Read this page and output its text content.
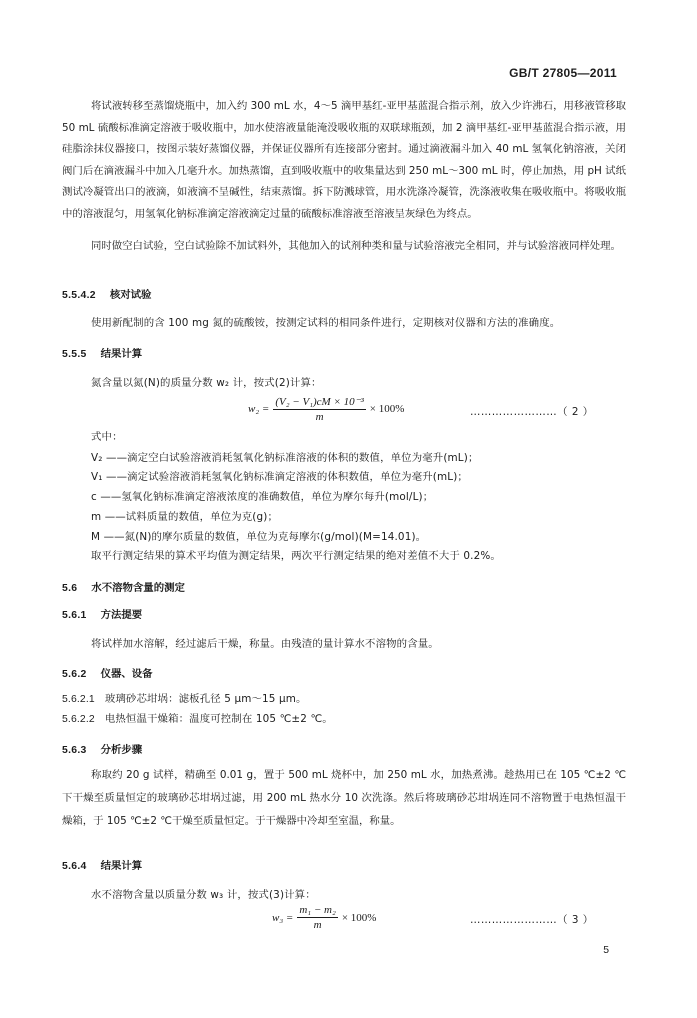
GB/T 27805—2011

将试液转移至蒸馏烧瓶中，加入约 300 mL 水，4～5 滴甲基红-亚甲基蓝混合指示剂，放入少许沸石，用移液管移取 50 mL 硫酸标准滴定溶液于吸收瓶中，加水使溶液量能淹没吸收瓶的双联球瓶颈，加 2 滴甲基红-亚甲基蓝混合指示液，用硅脂涂抹仪器接口，按图示装好蒸馏仪器，并保证仪器所有连接部分密封。通过滴液漏斗加入 40 mL 氢氧化钠溶液，关闭阀门后在滴液漏斗中加入几毫升水。加热蒸馏，直到吸收瓶中的收集量达到 250 mL～300 mL 时，停止加热，用 pH 试纸测试冷凝管出口的液滴，如液滴不呈碱性，结束蒸馏。拆下防溅球管，用水洗涤冷凝管，洗涤液收集在吸收瓶中。将吸收瓶中的溶液混匀，用氢氧化钠标准滴定溶液滴定过量的硫酸标准溶液至溶液呈灰绿色为终点。

同时做空白试验，空白试验除不加试料外，其他加入的试剂种类和量与试验溶液完全相同，并与试验溶液同样处理。

5.5.4.2 核对试验
使用新配制的含 100 mg 氮的硫酸铵，按测定试料的相同条件进行，定期核对仪器和方法的准确度。
5.5.5 结果计算
氮含量以氮(N)的质量分数 w₂ 计，按式(2)计算：
$w_2 = \frac{\text{(V₂ − V₁)cM × 10⁻³}}{m} \times 100\%$	……………………（ 2 ）
式中：
V₂ ——滴定空白试验溶液消耗氢氧化钠标准溶液的体积的数值，单位为毫升(mL)；
V₁ ——滴定试验溶液消耗氢氧化钠标准滴定溶液的体积数值，单位为毫升(mL)；
c ——氢氧化钠标准滴定溶液浓度的准确数值，单位为摩尔每升(mol/L)；
m ——试料质量的数值，单位为克(g)；
M ——氮(N)的摩尔质量的数值，单位为克每摩尔(g/mol)(M=14.01)。
取平行测定结果的算术平均值为测定结果，两次平行测定结果的绝对差值不大于 0.2%。
5.6 水不溶物含量的测定
5.6.1 方法提要
将试样加水溶解，经过滤后干燥，称量。由残渣的量计算水不溶物的含量。
5.6.2 仪器、设备
5.6.2.1 玻璃砂芯坩埚：滤板孔径 5 μm～15 μm。
5.6.2.2 电热恒温干燥箱：温度可控制在 105 ℃±2 ℃。
5.6.3 分析步骤

称取约 20 g 试样，精确至 0.01 g，置于 500 mL 烧杯中，加 250 mL 水，加热煮沸。趁热用已在 105 ℃±2 ℃下干燥至质量恒定的玻璃砂芯坩埚过滤，用 200 mL 热水分 10 次洗涤。然后将玻璃砂芯坩埚连同不溶物置于电热恒温干燥箱，于 105 ℃±2 ℃干燥至质量恒定。于干燥器中冷却至室温，称量。

5.6.4 结果计算
水不溶物含量以质量分数 w₃ 计，按式(3)计算：
$w_3 = \frac{\text{m₁ − m₂}}{m} \times 100\%$	……………………（ 3 ）
5
